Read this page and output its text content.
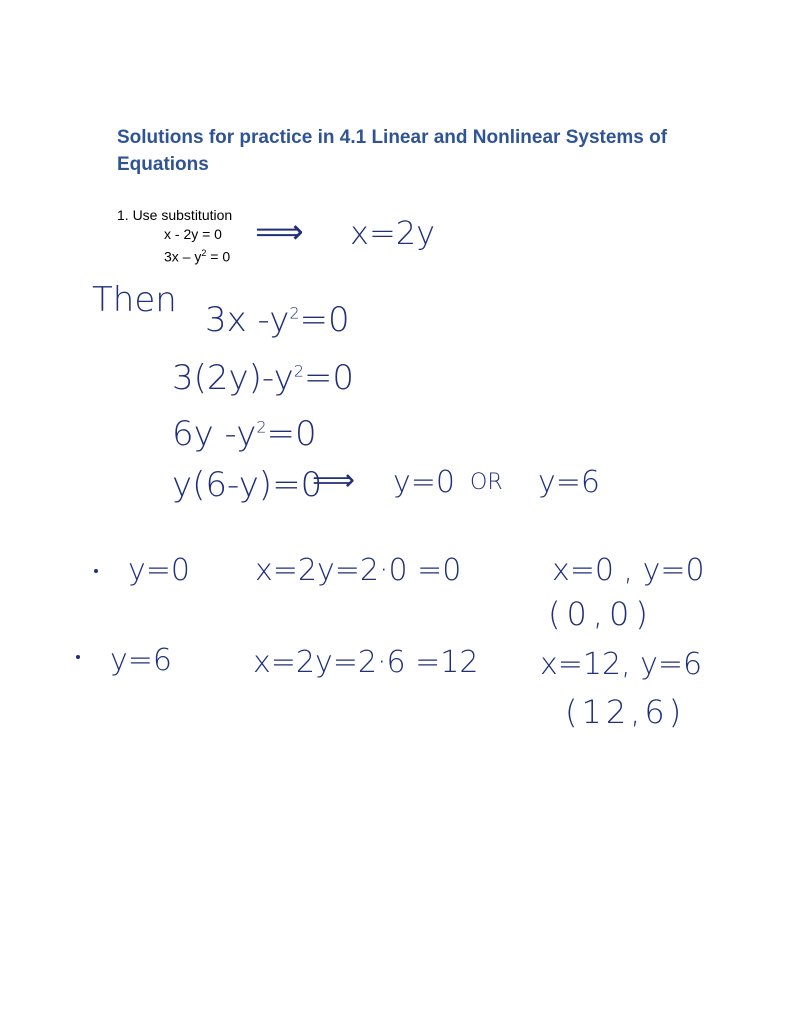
Solutions for practice in 4.1 Linear and Nonlinear Systems of Equations
1. Use substitution
x - 2y = 0
$3x - y^2 = 0$
⟹ x=2y
Then 3x $-y^2=0$
$3(2y)-y^2=0$
6y $-y^2=0$
y(6-y)=0
⟹ y=0 OR y=6
y=0 x=2y=2·0 =0	x=0 , y=0
(0,0)
y=6	x=2y=2·6 =12 x=12, y=6
(12,6)
